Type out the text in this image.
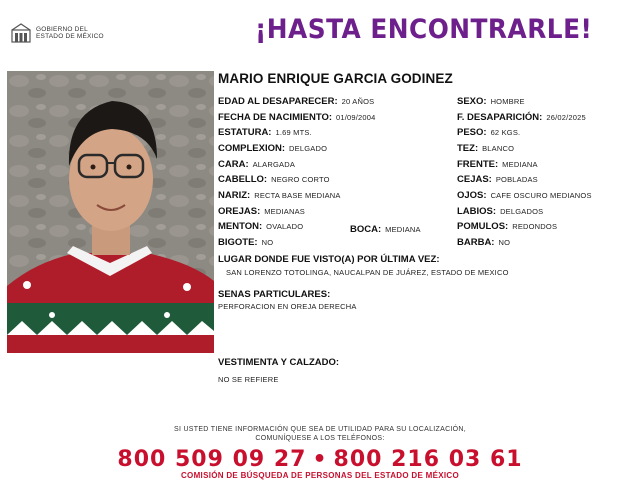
GOBIERNO DEL
ESTADO DE MÉXICO	¡HASTA ENCONTRARLE!
MARIO ENRIQUE GARCIA GODINEZ
EDAD AL DESAPARECER: 20 AÑOS
FECHA DE NACIMIENTO: 01/09/2004
ESTATURA: 1.69 MTS.
COMPLEXION: DELGADO
CARA: ALARGADA
CABELLO: NEGRO CORTO
NARIZ: RECTA BASE MEDIANA
OREJAS: MEDIANAS
MENTON: OVALADO	BOCA: MEDIANA
BIGOTE: NO
SEXO: HOMBRE
F. DESAPARICIÓN: 26/02/2025
PESO: 62 KGS.
TEZ: BLANCO
FRENTE: MEDIANA
CEJAS: POBLADAS
OJOS: CAFE OSCURO MEDIANOS
LABIOS: DELGADOS
POMULOS: REDONDOS
BARBA: NO
LUGAR DONDE FUE VISTO(A) POR ÚLTIMA VEZ:
SAN LORENZO TOTOLINGA, NAUCALPAN DE JUÁREZ, ESTADO DE MEXICO
SENAS PARTICULARES:
PERFORACION EN OREJA DERECHA
VESTIMENTA Y CALZADO:
NO SE REFIERE
SI USTED TIENE INFORMACIÓN QUE SEA DE UTILIDAD PARA SU LOCALIZACIÓN,
COMUNÍQUESE A LOS TELÉFONOS:
800 509 09 27 • 800 216 03 61
COMISIÓN DE BÚSQUEDA DE PERSONAS DEL ESTADO DE MÉXICO
